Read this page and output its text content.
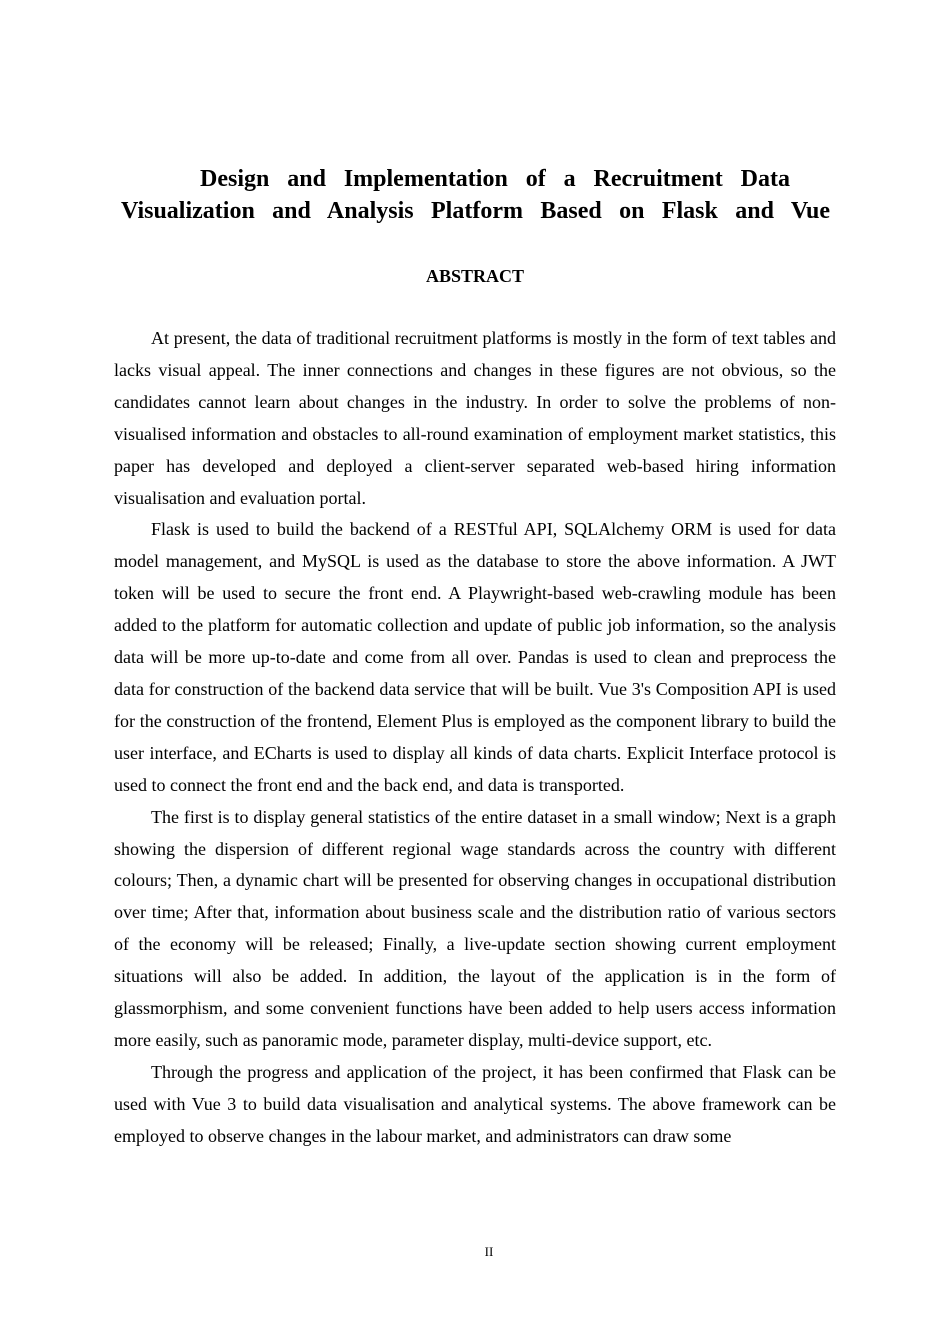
Design and Implementation of a Recruitment Data
Visualization and Analysis Platform Based on Flask and Vue
ABSTRACT

At present, the data of traditional recruitment platforms is mostly in the form of text tables and lacks visual appeal. The inner connections and changes in these figures are not obvious, so the candidates cannot learn about changes in the industry. In order to solve the problems of non-visualised information and obstacles to all-round examination of employment market statistics, this paper has developed and deployed a client-server separated web-based hiring information visualisation and evaluation portal.

Flask is used to build the backend of a RESTful API, SQLAlchemy ORM is used for data model management, and MySQL is used as the database to store the above information. A JWT token will be used to secure the front end. A Playwright-based web-crawling module has been added to the platform for automatic collection and update of public job information, so the analysis data will be more up-to-date and come from all over. Pandas is used to clean and preprocess the data for construction of the backend data service that will be built. Vue 3's Composition API is used for the construction of the frontend, Element Plus is employed as the component library to build the user interface, and ECharts is used to display all kinds of data charts. Explicit Interface protocol is used to connect the front end and the back end, and data is transported.

The first is to display general statistics of the entire dataset in a small window; Next is a graph showing the dispersion of different regional wage standards across the country with different colours; Then, a dynamic chart will be presented for observing changes in occupational distribution over time; After that, information about business scale and the distribution ratio of various sectors of the economy will be released; Finally, a live-update section showing current employment situations will also be added. In addition, the layout of the application is in the form of glassmorphism, and some convenient functions have been added to help users access information more easily, such as panoramic mode, parameter display, multi-device support, etc.

Through the progress and application of the project, it has been confirmed that Flask can be used with Vue 3 to build data visualisation and analytical systems. The above framework can be employed to observe changes in the labour market, and administrators can draw some

II
